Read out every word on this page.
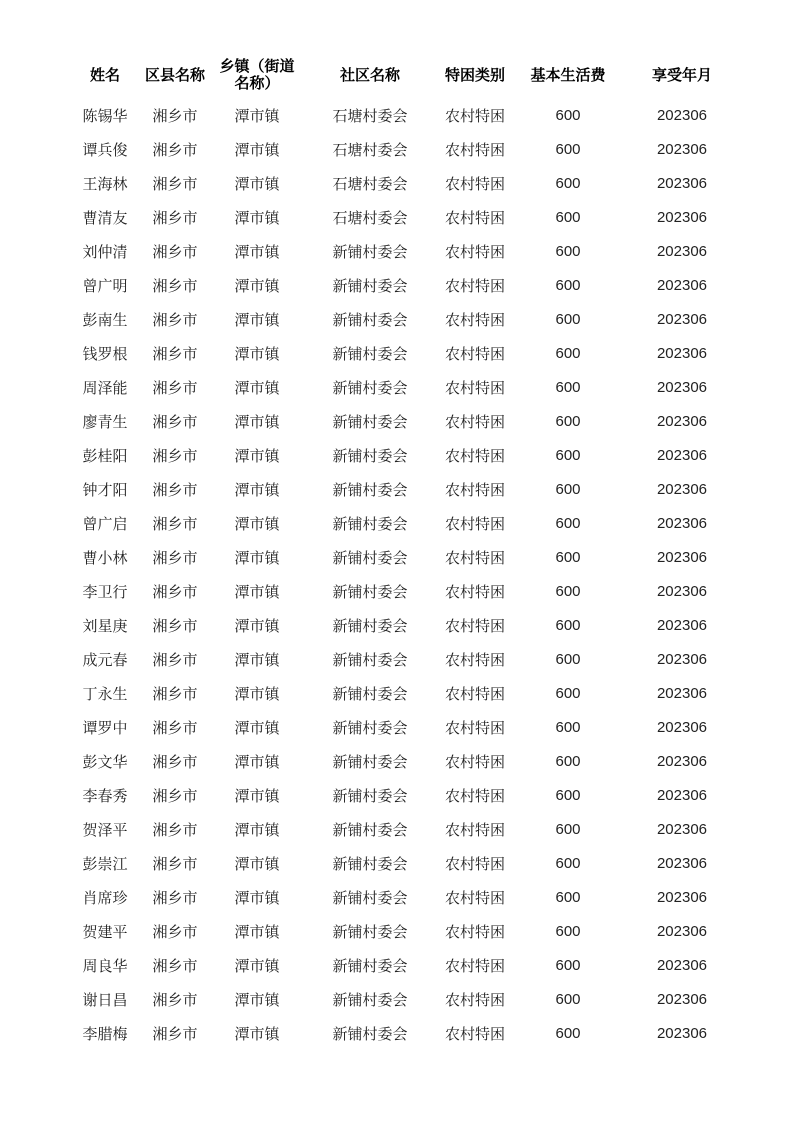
姓名	区县名称	乡镇（街道名称）	社区名称	特困类别	基本生活费	享受年月
陈锡华	湘乡市	潭市镇	石塘村委会	农村特困	600	202306
谭兵俊	湘乡市	潭市镇	石塘村委会	农村特困	600	202306
王海林	湘乡市	潭市镇	石塘村委会	农村特困	600	202306
曹清友	湘乡市	潭市镇	石塘村委会	农村特困	600	202306
刘仲清	湘乡市	潭市镇	新铺村委会	农村特困	600	202306
曾广明	湘乡市	潭市镇	新铺村委会	农村特困	600	202306
彭南生	湘乡市	潭市镇	新铺村委会	农村特困	600	202306
钱罗根	湘乡市	潭市镇	新铺村委会	农村特困	600	202306
周泽能	湘乡市	潭市镇	新铺村委会	农村特困	600	202306
廖青生	湘乡市	潭市镇	新铺村委会	农村特困	600	202306
彭桂阳	湘乡市	潭市镇	新铺村委会	农村特困	600	202306
钟才阳	湘乡市	潭市镇	新铺村委会	农村特困	600	202306
曾广启	湘乡市	潭市镇	新铺村委会	农村特困	600	202306
曹小林	湘乡市	潭市镇	新铺村委会	农村特困	600	202306
李卫行	湘乡市	潭市镇	新铺村委会	农村特困	600	202306
刘星庚	湘乡市	潭市镇	新铺村委会	农村特困	600	202306
成元春	湘乡市	潭市镇	新铺村委会	农村特困	600	202306
丁永生	湘乡市	潭市镇	新铺村委会	农村特困	600	202306
谭罗中	湘乡市	潭市镇	新铺村委会	农村特困	600	202306
彭文华	湘乡市	潭市镇	新铺村委会	农村特困	600	202306
李春秀	湘乡市	潭市镇	新铺村委会	农村特困	600	202306
贺泽平	湘乡市	潭市镇	新铺村委会	农村特困	600	202306
彭崇江	湘乡市	潭市镇	新铺村委会	农村特困	600	202306
肖席珍	湘乡市	潭市镇	新铺村委会	农村特困	600	202306
贺建平	湘乡市	潭市镇	新铺村委会	农村特困	600	202306
周良华	湘乡市	潭市镇	新铺村委会	农村特困	600	202306
谢日昌	湘乡市	潭市镇	新铺村委会	农村特困	600	202306
李腊梅	湘乡市	潭市镇	新铺村委会	农村特困	600	202306
